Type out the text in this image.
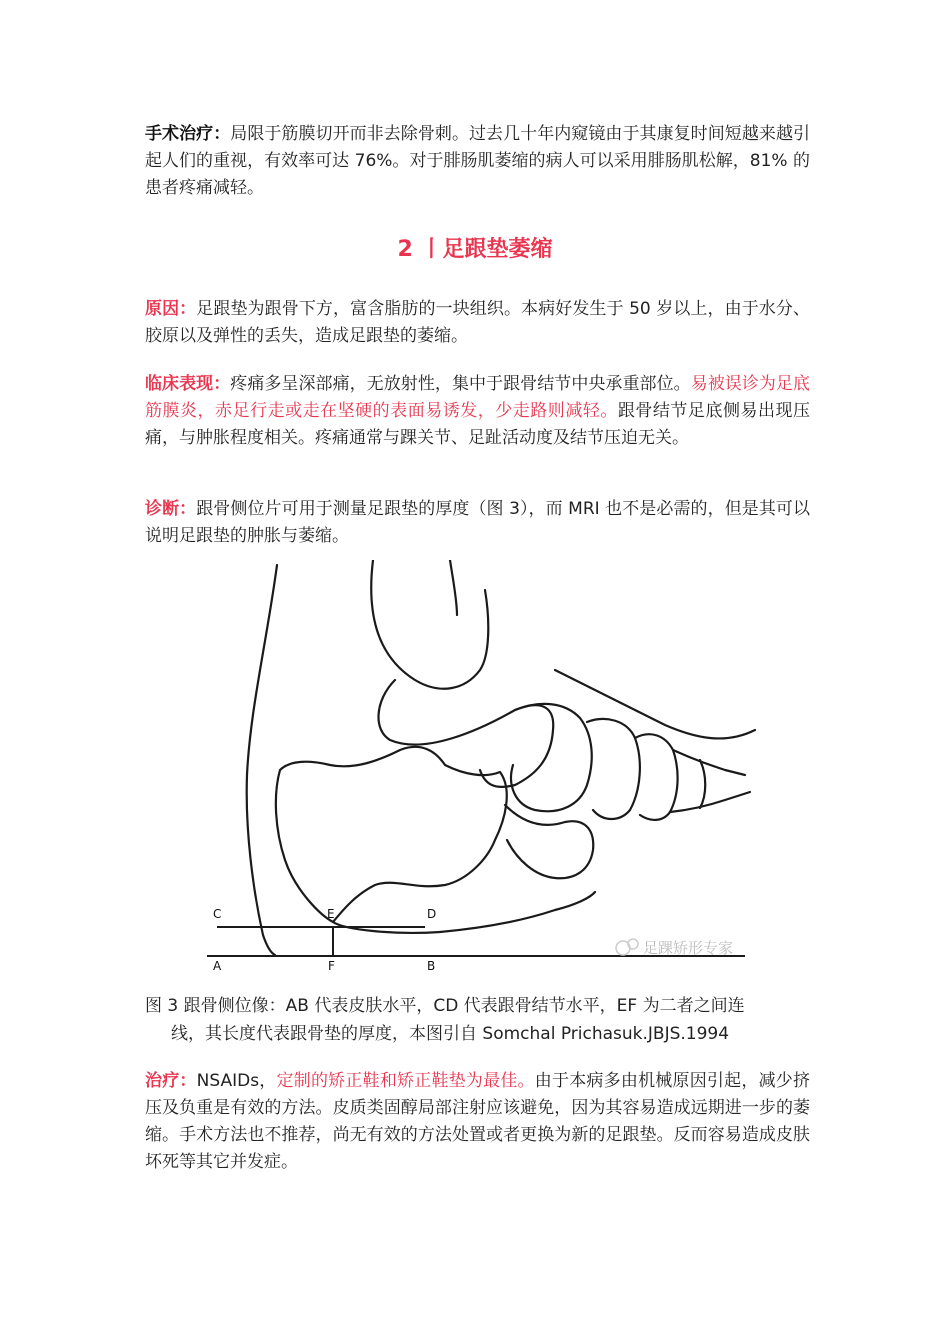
手术治疗：局限于筋膜切开而非去除骨刺。过去几十年内窥镜由于其康复时间短越来越引起人们的重视，有效率可达 76%。对于腓肠肌萎缩的病人可以采用腓肠肌松解，81% 的患者疼痛减轻。

2 丨足跟垫萎缩

原因：足跟垫为跟骨下方，富含脂肪的一块组织。本病好发生于 50 岁以上，由于水分、胶原以及弹性的丢失，造成足跟垫的萎缩。

临床表现：疼痛多呈深部痛，无放射性，集中于跟骨结节中央承重部位。易被误诊为足底筋膜炎，赤足行走或走在坚硬的表面易诱发，少走路则减轻。跟骨结节足底侧易出现压痛，与肿胀程度相关。疼痛通常与踝关节、足趾活动度及结节压迫无关。

诊断：跟骨侧位片可用于测量足跟垫的厚度（图 3），而 MRI 也不是必需的，但是其可以说明足跟垫的肿胀与萎缩。

C	E	D
A	F	B
足踝矫形专家

图 3 跟骨侧位像：AB 代表皮肤水平，CD 代表跟骨结节水平，EF 为二者之间连

线，其长度代表跟骨垫的厚度，本图引自 Somchal Prichasuk.JBJS.1994

治疗：NSAIDs，定制的矫正鞋和矫正鞋垫为最佳。由于本病多由机械原因引起，减少挤压及负重是有效的方法。皮质类固醇局部注射应该避免，因为其容易造成远期进一步的萎缩。手术方法也不推荐，尚无有效的方法处置或者更换为新的足跟垫。反而容易造成皮肤坏死等其它并发症。
